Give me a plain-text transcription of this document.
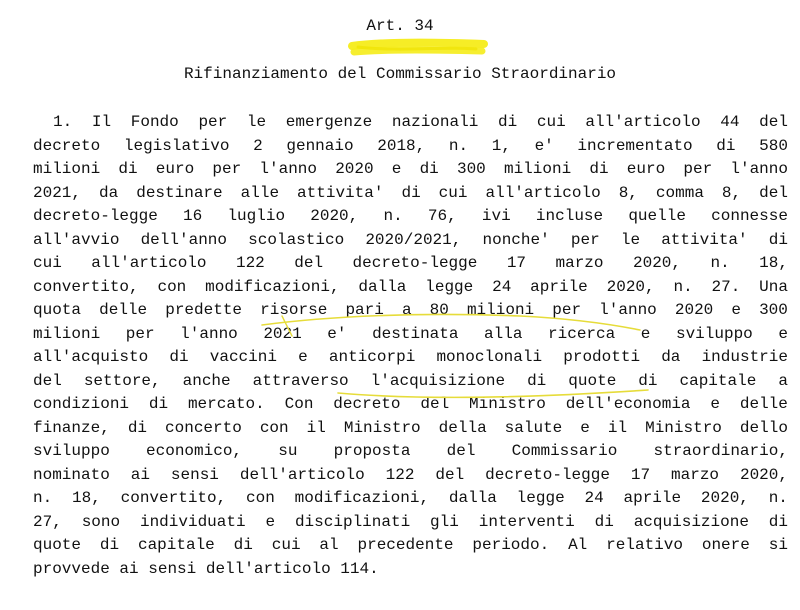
Art. 34
Rifinanziamento del Commissario Straordinario
1. Il Fondo per le emergenze nazionali di cui all'articolo 44 del
decreto legislativo 2 gennaio 2018, n. 1, e' incrementato di 580
milioni di euro per l'anno 2020 e di 300 milioni di euro per l'anno
2021, da destinare alle attivita' di cui all'articolo 8, comma 8, del
decreto-legge 16 luglio 2020, n. 76, ivi incluse quelle connesse
all'avvio dell'anno scolastico 2020/2021, nonche' per le attivita' di
cui all'articolo 122 del decreto-legge 17 marzo 2020, n. 18,
convertito, con modificazioni, dalla legge 24 aprile 2020, n. 27. Una
quota delle predette risorse pari a 80 milioni per l'anno 2020 e 300
milioni per l'anno 2021 e' destinata alla ricerca e sviluppo e
all'acquisto di vaccini e anticorpi monoclonali prodotti da industrie
del settore, anche attraverso l'acquisizione di quote di capitale a
condizioni di mercato. Con decreto del Ministro dell'economia e delle
finanze, di concerto con il Ministro della salute e il Ministro dello
sviluppo economico, su proposta del Commissario straordinario,
nominato ai sensi dell'articolo 122 del decreto-legge 17 marzo 2020,
n. 18, convertito, con modificazioni, dalla legge 24 aprile 2020, n.
27, sono individuati e disciplinati gli interventi di acquisizione di
quote di capitale di cui al precedente periodo. Al relativo onere si
provvede ai sensi dell'articolo 114.
